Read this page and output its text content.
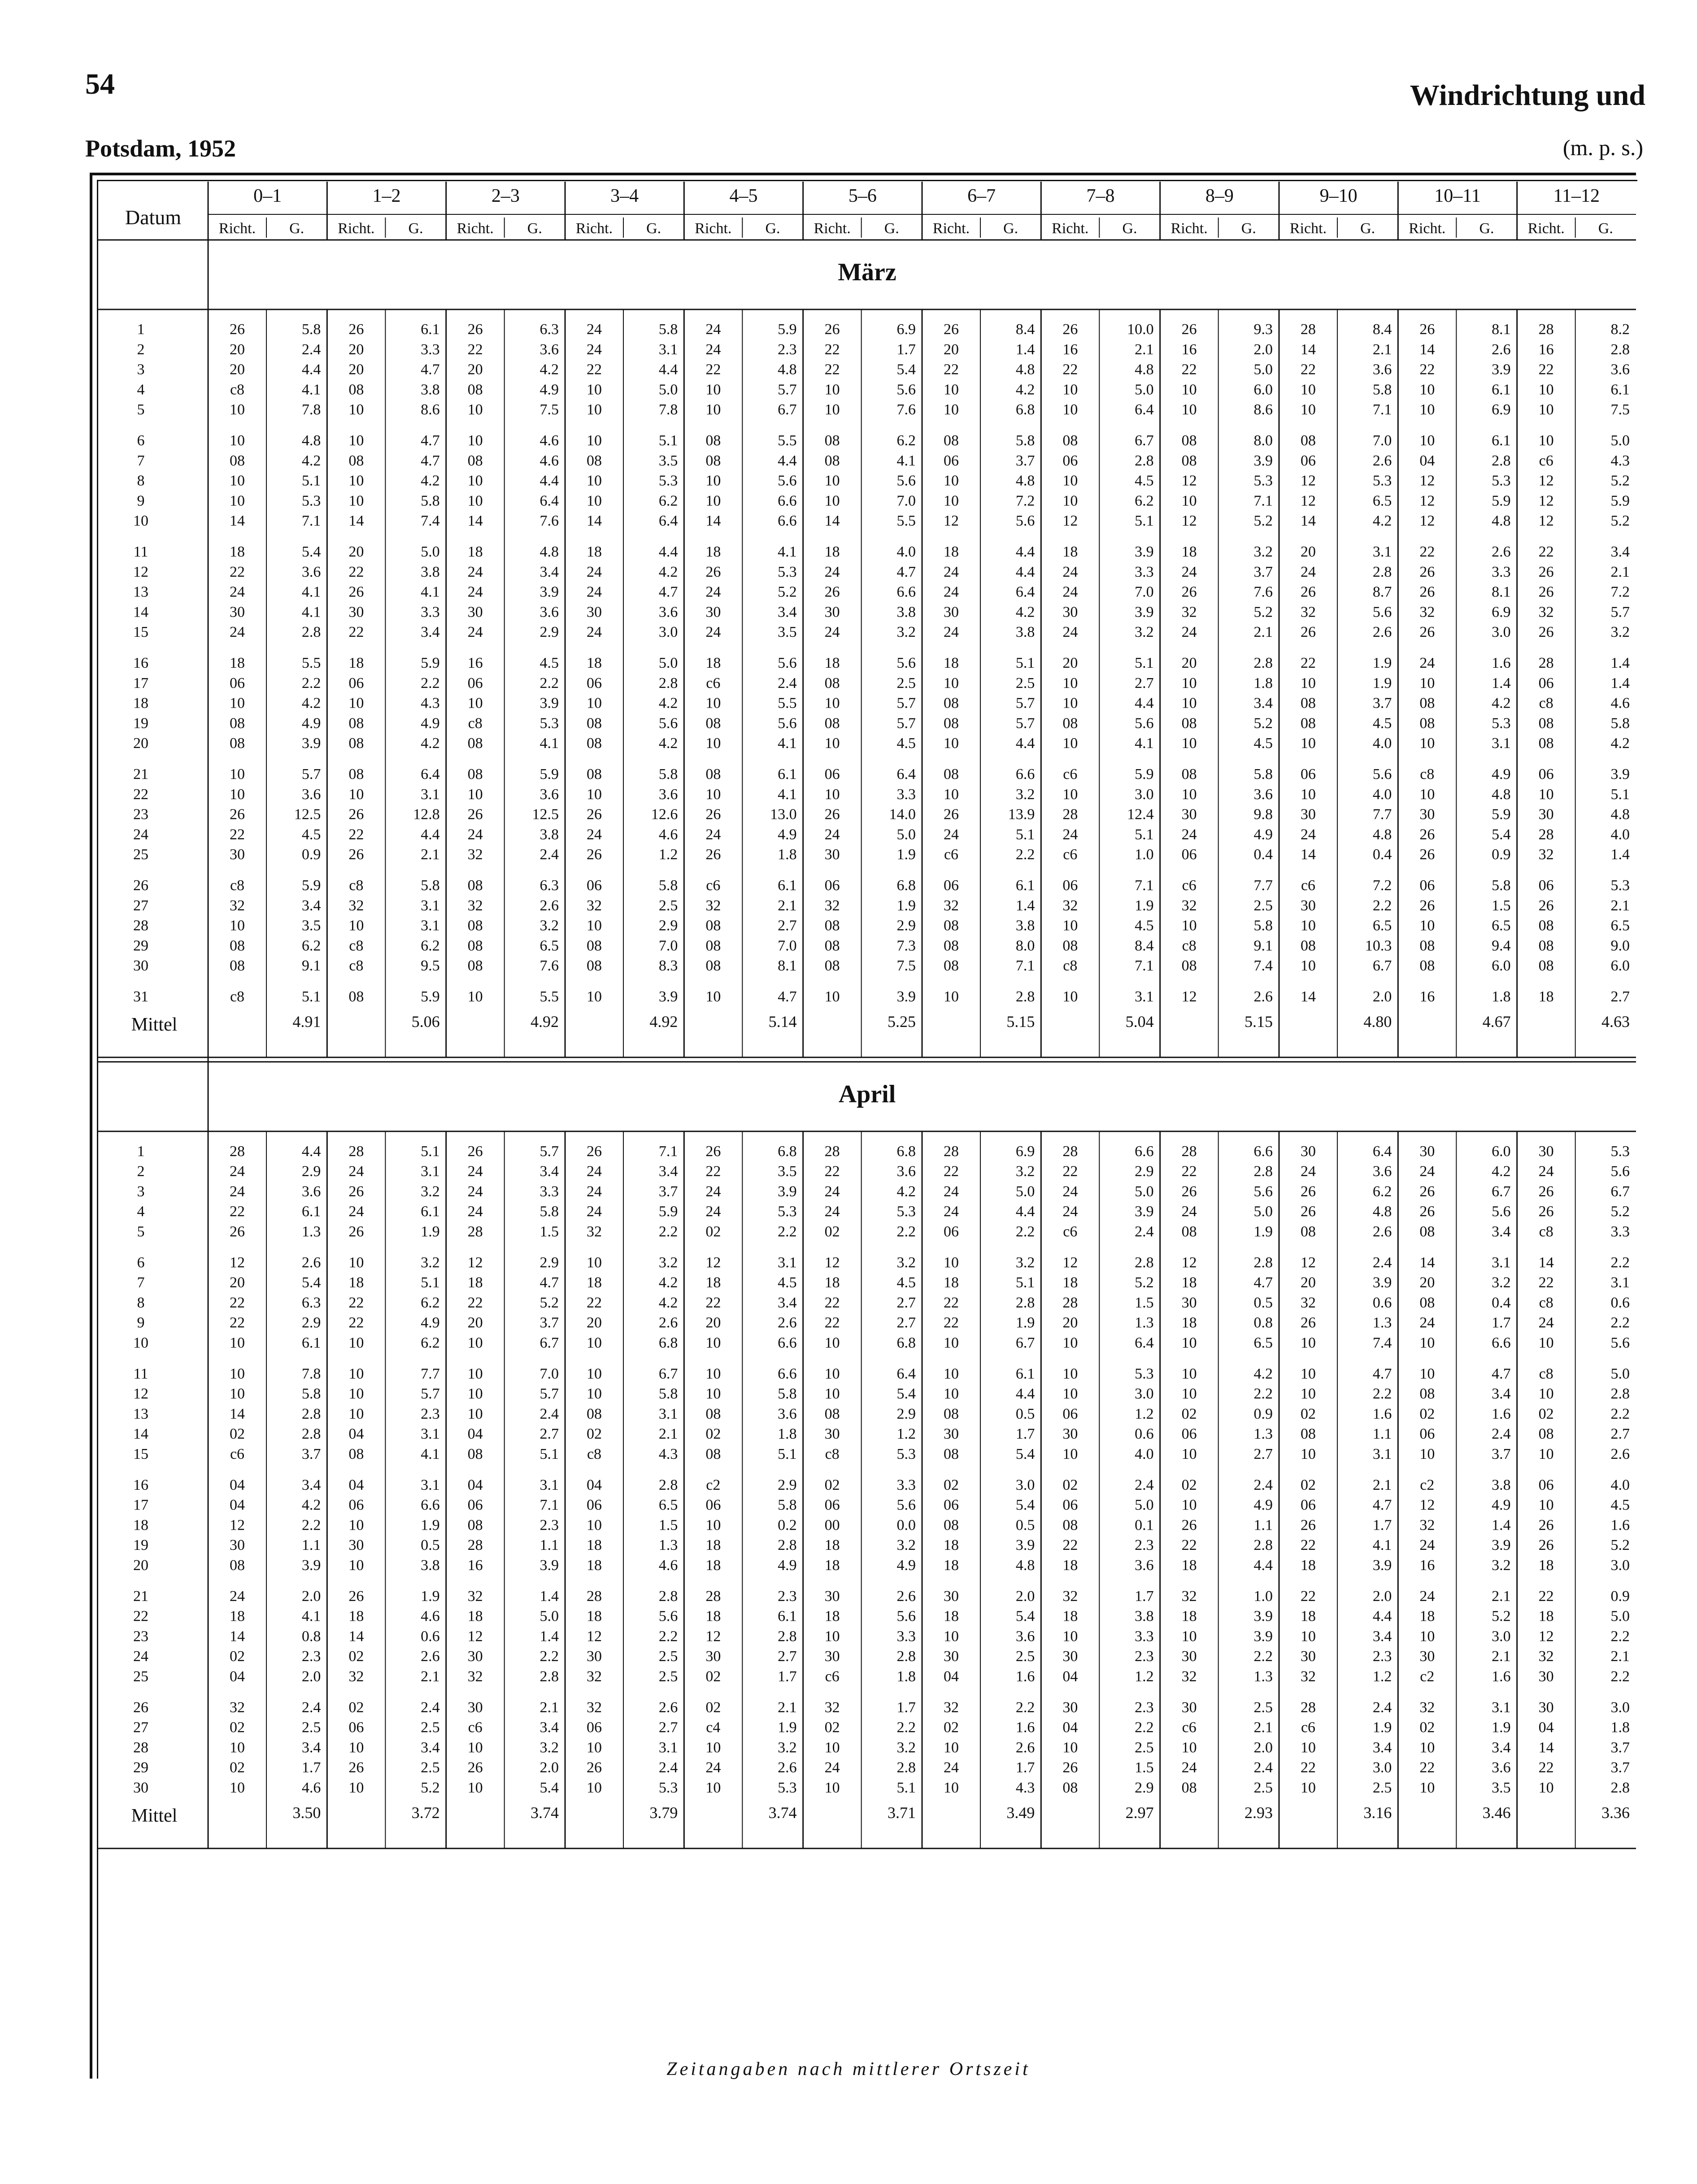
54	Windrichtung und
Potsdam, 1952	(m. p. s.)
Datum
0–1
Richt. G.
1–2
Richt. G.
2–3
Richt. G.
3–4
Richt. G.
4–5
Richt. G.
5–6
Richt. G.
6–7
Richt. G.
7–8
Richt. G.
8–9
Richt. G.
9–10
Richt. G.
10–11
Richt. G.
11–12
Richt. G.
März
1	26	5.8 26	6.1 26	6.3 24	5.8 24	5.9 26	6.9 26	8.4 26	10.0 26	9.3 28	8.4 26	8.1 28	8.2
2	20	2.4 20	3.3 22	3.6 24	3.1 24	2.3 22	1.7 20	1.4 16	2.1 16	2.0 14	2.1 14	2.6 16	2.8
3	20	4.4 20	4.7 20	4.2 22	4.4 22	4.8 22	5.4 22	4.8 22	4.8 22	5.0 22	3.6 22	3.9 22	3.6
4	c8	4.1 08	3.8 08	4.9 10	5.0 10	5.7 10	5.6 10	4.2 10	5.0 10	6.0 10	5.8 10	6.1 10	6.1
5	10	7.8 10	8.6 10	7.5 10	7.8 10	6.7 10	7.6 10	6.8 10	6.4 10	8.6 10	7.1 10	6.9 10	7.5
6	10	4.8 10	4.7 10	4.6 10	5.1 08	5.5 08	6.2 08	5.8 08	6.7 08	8.0 08	7.0 10	6.1 10	5.0
7	08	4.2 08	4.7 08	4.6 08	3.5 08	4.4 08	4.1 06	3.7 06	2.8 08	3.9 06	2.6 04	2.8 c6	4.3
8	10	5.1 10	4.2 10	4.4 10	5.3 10	5.6 10	5.6 10	4.8 10	4.5 12	5.3 12	5.3 12	5.3 12	5.2
9	10	5.3 10	5.8 10	6.4 10	6.2 10	6.6 10	7.0 10	7.2 10	6.2 10	7.1 12	6.5 12	5.9 12	5.9
10	14	7.1 14	7.4 14	7.6 14	6.4 14	6.6 14	5.5 12	5.6 12	5.1 12	5.2 14	4.2 12	4.8 12	5.2
11	18	5.4 20	5.0 18	4.8 18	4.4 18	4.1 18	4.0 18	4.4 18	3.9 18	3.2 20	3.1 22	2.6 22	3.4
12	22	3.6 22	3.8 24	3.4 24	4.2 26	5.3 24	4.7 24	4.4 24	3.3 24	3.7 24	2.8 26	3.3 26	2.1
13	24	4.1 26	4.1 24	3.9 24	4.7 24	5.2 26	6.6 24	6.4 24	7.0 26	7.6 26	8.7 26	8.1 26	7.2
14	30	4.1 30	3.3 30	3.6 30	3.6 30	3.4 30	3.8 30	4.2 30	3.9 32	5.2 32	5.6 32	6.9 32	5.7
15	24	2.8 22	3.4 24	2.9 24	3.0 24	3.5 24	3.2 24	3.8 24	3.2 24	2.1 26	2.6 26	3.0 26	3.2
16	18	5.5 18	5.9 16	4.5 18	5.0 18	5.6 18	5.6 18	5.1 20	5.1 20	2.8 22	1.9 24	1.6 28	1.4
17	06	2.2 06	2.2 06	2.2 06	2.8 c6	2.4 08	2.5 10	2.5 10	2.7 10	1.8 10	1.9 10	1.4 06	1.4
18	10	4.2 10	4.3 10	3.9 10	4.2 10	5.5 10	5.7 08	5.7 10	4.4 10	3.4 08	3.7 08	4.2 c8	4.6
19	08	4.9 08	4.9 c8	5.3 08	5.6 08	5.6 08	5.7 08	5.7 08	5.6 08	5.2 08	4.5 08	5.3 08	5.8
20	08	3.9 08	4.2 08	4.1 08	4.2 10	4.1 10	4.5 10	4.4 10	4.1 10	4.5 10	4.0 10	3.1 08	4.2
21	10	5.7 08	6.4 08	5.9 08	5.8 08	6.1 06	6.4 08	6.6 c6	5.9 08	5.8 06	5.6 c8	4.9 06	3.9
22	10	3.6 10	3.1 10	3.6 10	3.6 10	4.1 10	3.3 10	3.2 10	3.0 10	3.6 10	4.0 10	4.8 10	5.1
23	26	12.5 26	12.8 26	12.5 26	12.6 26	13.0 26	14.0 26	13.9 28	12.4 30	9.8 30	7.7 30	5.9 30	4.8
24	22	4.5 22	4.4 24	3.8 24	4.6 24	4.9 24	5.0 24	5.1 24	5.1 24	4.9 24	4.8 26	5.4 28	4.0
25	30	0.9 26	2.1 32	2.4 26	1.2 26	1.8 30	1.9 c6	2.2 c6	1.0 06	0.4 14	0.4 26	0.9 32	1.4
26	c8	5.9 c8	5.8 08	6.3 06	5.8 c6	6.1 06	6.8 06	6.1 06	7.1 c6	7.7 c6	7.2 06	5.8 06	5.3
27	32	3.4 32	3.1 32	2.6 32	2.5 32	2.1 32	1.9 32	1.4 32	1.9 32	2.5 30	2.2 26	1.5 26	2.1
28	10	3.5 10	3.1 08	3.2 10	2.9 08	2.7 08	2.9 08	3.8 10	4.5 10	5.8 10	6.5 10	6.5 08	6.5
29	08	6.2 c8	6.2 08	6.5 08	7.0 08	7.0 08	7.3 08	8.0 08	8.4 c8	9.1 08	10.3 08	9.4 08	9.0
30	08	9.1 c8	9.5 08	7.6 08	8.3 08	8.1 08	7.5 08	7.1 c8	7.1 08	7.4 10	6.7 08	6.0 08	6.0
31	c8	5.1 08	5.9 10	5.5 10	3.9 10	4.7 10	3.9 10	2.8 10	3.1 12	2.6 14	2.0 16	1.8 18	2.7
Mittel	4.91	5.06	4.92	4.92	5.14	5.25	5.15	5.04	5.15	4.80	4.67	4.63
April
1	28	4.4 28	5.1 26	5.7 26	7.1 26	6.8 28	6.8 28	6.9 28	6.6 28	6.6 30	6.4 30	6.0 30	5.3
2	24	2.9 24	3.1 24	3.4 24	3.4 22	3.5 22	3.6 22	3.2 22	2.9 22	2.8 24	3.6 24	4.2 24	5.6
3	24	3.6 26	3.2 24	3.3 24	3.7 24	3.9 24	4.2 24	5.0 24	5.0 26	5.6 26	6.2 26	6.7 26	6.7
4	22	6.1 24	6.1 24	5.8 24	5.9 24	5.3 24	5.3 24	4.4 24	3.9 24	5.0 26	4.8 26	5.6 26	5.2
5	26	1.3 26	1.9 28	1.5 32	2.2 02	2.2 02	2.2 06	2.2 c6	2.4 08	1.9 08	2.6 08	3.4 c8	3.3
6	12	2.6 10	3.2 12	2.9 10	3.2 12	3.1 12	3.2 10	3.2 12	2.8 12	2.8 12	2.4 14	3.1 14	2.2
7	20	5.4 18	5.1 18	4.7 18	4.2 18	4.5 18	4.5 18	5.1 18	5.2 18	4.7 20	3.9 20	3.2 22	3.1
8	22	6.3 22	6.2 22	5.2 22	4.2 22	3.4 22	2.7 22	2.8 28	1.5 30	0.5 32	0.6 08	0.4 c8	0.6
9	22	2.9 22	4.9 20	3.7 20	2.6 20	2.6 22	2.7 22	1.9 20	1.3 18	0.8 26	1.3 24	1.7 24	2.2
10	10	6.1 10	6.2 10	6.7 10	6.8 10	6.6 10	6.8 10	6.7 10	6.4 10	6.5 10	7.4 10	6.6 10	5.6
11	10	7.8 10	7.7 10	7.0 10	6.7 10	6.6 10	6.4 10	6.1 10	5.3 10	4.2 10	4.7 10	4.7 c8	5.0
12	10	5.8 10	5.7 10	5.7 10	5.8 10	5.8 10	5.4 10	4.4 10	3.0 10	2.2 10	2.2 08	3.4 10	2.8
13	14	2.8 10	2.3 10	2.4 08	3.1 08	3.6 08	2.9 08	0.5 06	1.2 02	0.9 02	1.6 02	1.6 02	2.2
14	02	2.8 04	3.1 04	2.7 02	2.1 02	1.8 30	1.2 30	1.7 30	0.6 06	1.3 08	1.1 06	2.4 08	2.7
15	c6	3.7 08	4.1 08	5.1 c8	4.3 08	5.1 c8	5.3 08	5.4 10	4.0 10	2.7 10	3.1 10	3.7 10	2.6
16	04	3.4 04	3.1 04	3.1 04	2.8 c2	2.9 02	3.3 02	3.0 02	2.4 02	2.4 02	2.1 c2	3.8 06	4.0
17	04	4.2 06	6.6 06	7.1 06	6.5 06	5.8 06	5.6 06	5.4 06	5.0 10	4.9 06	4.7 12	4.9 10	4.5
18	12	2.2 10	1.9 08	2.3 10	1.5 10	0.2 00	0.0 08	0.5 08	0.1 26	1.1 26	1.7 32	1.4 26	1.6
19	30	1.1 30	0.5 28	1.1 18	1.3 18	2.8 18	3.2 18	3.9 22	2.3 22	2.8 22	4.1 24	3.9 26	5.2
20	08	3.9 10	3.8 16	3.9 18	4.6 18	4.9 18	4.9 18	4.8 18	3.6 18	4.4 18	3.9 16	3.2 18	3.0
21	24	2.0 26	1.9 32	1.4 28	2.8 28	2.3 30	2.6 30	2.0 32	1.7 32	1.0 22	2.0 24	2.1 22	0.9
22	18	4.1 18	4.6 18	5.0 18	5.6 18	6.1 18	5.6 18	5.4 18	3.8 18	3.9 18	4.4 18	5.2 18	5.0
23	14	0.8 14	0.6 12	1.4 12	2.2 12	2.8 10	3.3 10	3.6 10	3.3 10	3.9 10	3.4 10	3.0 12	2.2
24	02	2.3 02	2.6 30	2.2 30	2.5 30	2.7 30	2.8 30	2.5 30	2.3 30	2.2 30	2.3 30	2.1 32	2.1
25	04	2.0 32	2.1 32	2.8 32	2.5 02	1.7 c6	1.8 04	1.6 04	1.2 32	1.3 32	1.2 c2	1.6 30	2.2
26	32	2.4 02	2.4 30	2.1 32	2.6 02	2.1 32	1.7 32	2.2 30	2.3 30	2.5 28	2.4 32	3.1 30	3.0
27	02	2.5 06	2.5 c6	3.4 06	2.7 c4	1.9 02	2.2 02	1.6 04	2.2 c6	2.1 c6	1.9 02	1.9 04	1.8
28	10	3.4 10	3.4 10	3.2 10	3.1 10	3.2 10	3.2 10	2.6 10	2.5 10	2.0 10	3.4 10	3.4 14	3.7
29	02	1.7 26	2.5 26	2.0 26	2.4 24	2.6 24	2.8 24	1.7 26	1.5 24	2.4 22	3.0 22	3.6 22	3.7
30	10	4.6 10	5.2 10	5.4 10	5.3 10	5.3 10	5.1 10	4.3 08	2.9 08	2.5 10	2.5 10	3.5 10	2.8
Mittel	3.50	3.72	3.74	3.79	3.74	3.71	3.49	2.97	2.93	3.16	3.46	3.36
Zeitangaben nach mittlerer Ortszeit
